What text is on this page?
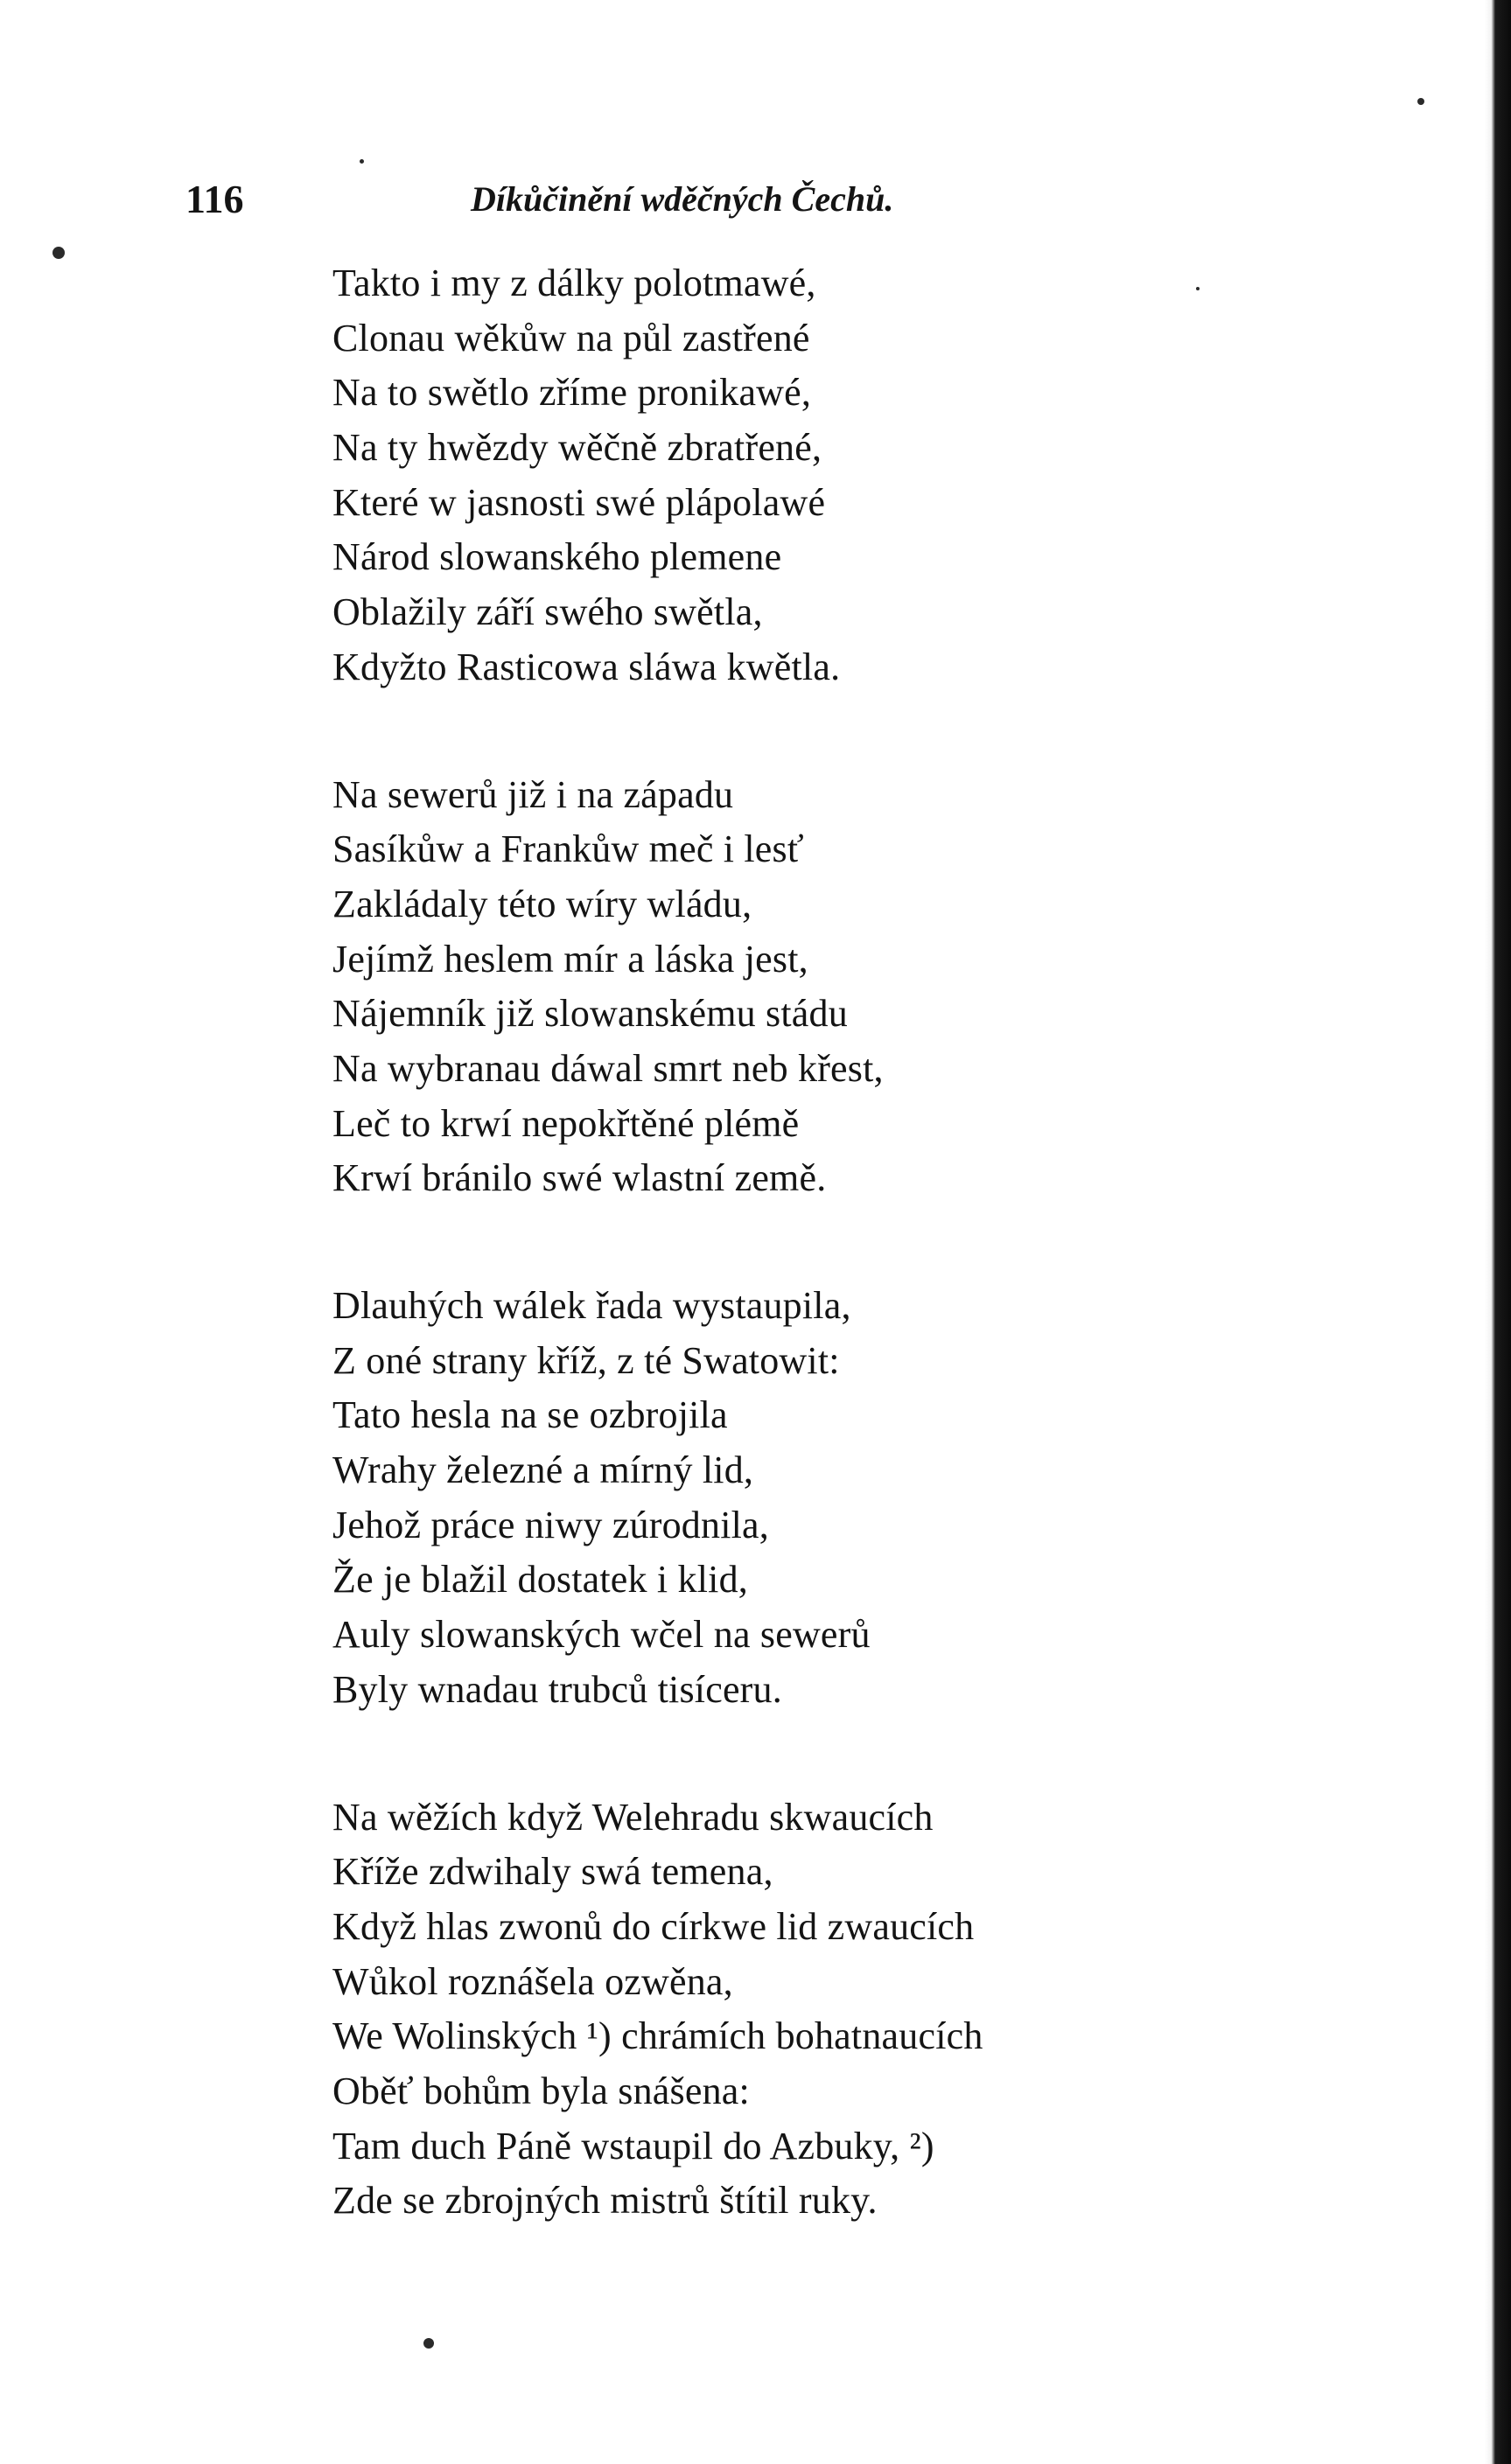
116	Díkůčinění wděčných Čechů.
Takto i my z dálky polotmawé,
Clonau wěkůw na půl zastřené
Na to swětlo zříme pronikawé,
Na ty hwězdy wěčně zbratřené,
Které w jasnosti swé plápolawé
Národ slowanského plemene
Oblažily září swého swětla,
Kdyžto Rasticowa sláwa kwětla.
Na sewerů již i na západu
Sasíkůw a Frankůw meč i lesť
Zakládaly této wíry wládu,
Jejímž heslem mír a láska jest,
Nájemník již slowanskému stádu
Na wybranau dáwal smrt neb křest,
Leč to krwí nepokřtěné plémě
Krwí bránilo swé wlastní země.
Dlauhých wálek řada wystaupila,
Z oné strany kříž, z té Swatowit:
Tato hesla na se ozbrojila
Wrahy železné a mírný lid,
Jehož práce niwy zúrodnila,
Že je blažil dostatek i klid,
Auly slowanských wčel na sewerů
Byly wnadau trubců tisíceru.
Na wěžích když Welehradu skwaucích
Kříže zdwihaly swá temena,
Když hlas zwonů do církwe lid zwaucích
Wůkol roznášela ozwěna,
We Wolinských ¹) chrámích bohatnaucích
Oběť bohům byla snášena:
Tam duch Páně wstaupil do Azbuky, ²)
Zde se zbrojných mistrů štítil ruky.
